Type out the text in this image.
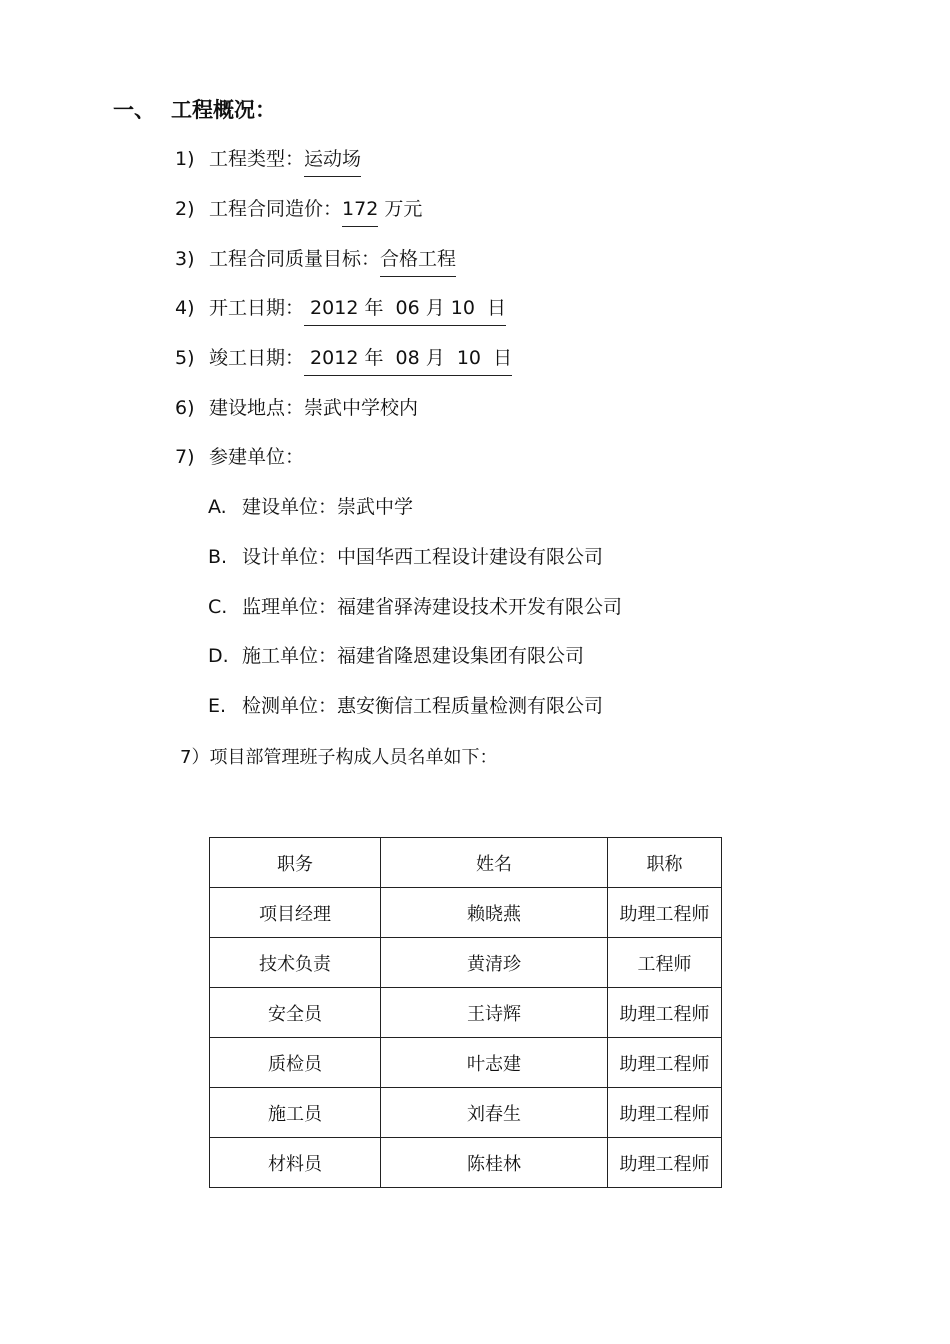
一、 工程概况：
1) 工程类型：运动场
2) 工程合同造价：172 万元
3) 工程合同质量目标：合格工程
4) 开工日期： 2012 年  06 月 10  日
5) 竣工日期： 2012 年  08 月  10  日
6) 建设地点：崇武中学校内
7) 参建单位：
A. 建设单位：崇武中学
B. 设计单位：中国华西工程设计建设有限公司
C. 监理单位：福建省驿涛建设技术开发有限公司
D. 施工单位：福建省隆恩建设集团有限公司
E. 检测单位：惠安衡信工程质量检测有限公司
7）项目部管理班子构成人员名单如下：
职务	姓名	职称
项目经理	赖晓燕	助理工程师
技术负责	黄清珍	工程师
安全员	王诗辉	助理工程师
质检员	叶志建	助理工程师
施工员	刘春生	助理工程师
材料员	陈桂林	助理工程师
